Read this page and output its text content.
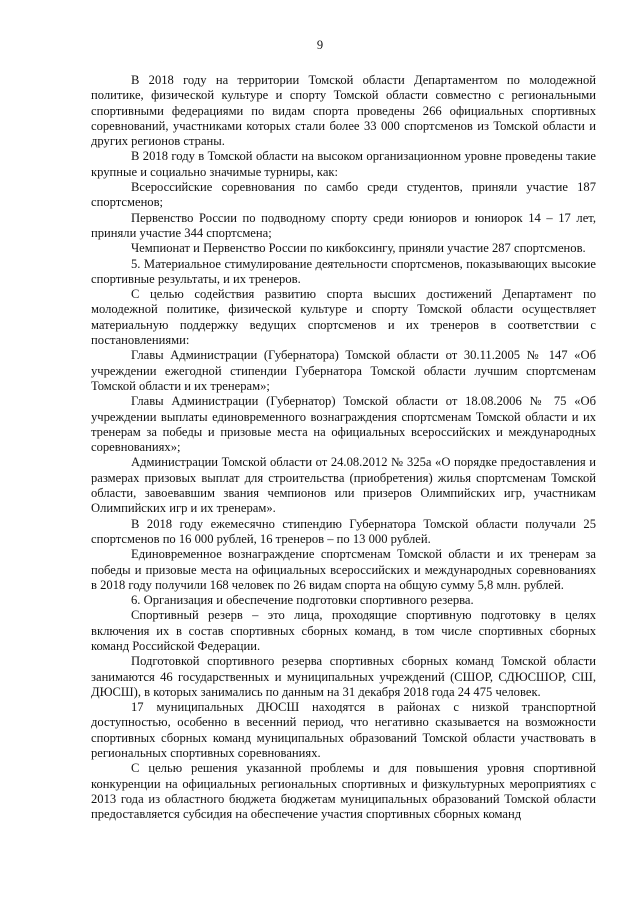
9

В 2018 году на территории Томской области Департаментом по молодежной политике, физической культуре и спорту Томской области совместно с региональными спортивными федерациями по видам спорта проведены 266 официальных спортивных соревнований, участниками которых стали более 33 000 спортсменов из Томской области и других регионов страны.

В 2018 году в Томской области на высоком организационном уровне проведены такие крупные и социально значимые турниры, как:

Всероссийские соревнования по самбо среди студентов, приняли участие 187 спортсменов;

Первенство России по подводному спорту среди юниоров и юниорок 14 – 17 лет, приняли участие 344 спортсмена;

Чемпионат и Первенство России по кикбоксингу, приняли участие 287 спортсменов.

5. Материальное стимулирование деятельности спортсменов, показывающих высокие спортивные результаты, и их тренеров.

С целью содействия развитию спорта высших достижений Департамент по молодежной политике, физической культуре и спорту Томской области осуществляет материальную поддержку ведущих спортсменов и их тренеров в соответствии с постановлениями:

Главы Администрации (Губернатора) Томской области от 30.11.2005 № 147 «Об учреждении ежегодной стипендии Губернатора Томской области лучшим спортсменам Томской области и их тренерам»;

Главы Администрации (Губернатор) Томской области от 18.08.2006 № 75 «Об учреждении выплаты единовременного вознаграждения спортсменам Томской области и их тренерам за победы и призовые места на официальных всероссийских и международных соревнованиях»;

Администрации Томской области от 24.08.2012 № 325а «О порядке предоставления и размерах призовых выплат для строительства (приобретения) жилья спортсменам Томской области, завоевавшим звания чемпионов или призеров Олимпийских игр, участникам Олимпийских игр и их тренерам».

В 2018 году ежемесячно стипендию Губернатора Томской области получали 25 спортсменов по 16 000 рублей, 16 тренеров – по 13 000 рублей.

Единовременное вознаграждение спортсменам Томской области и их тренерам за победы и призовые места на официальных всероссийских и международных соревнованиях в 2018 году получили 168 человек по 26 видам спорта на общую сумму 5,8 млн. рублей.

6. Организация и обеспечение подготовки спортивного резерва.

Спортивный резерв – это лица, проходящие спортивную подготовку в целях включения их в состав спортивных сборных команд, в том числе спортивных сборных команд Российской Федерации.

Подготовкой спортивного резерва спортивных сборных команд Томской области занимаются 46 государственных и муниципальных учреждений (СШОР, СДЮСШОР, СШ, ДЮСШ), в которых занимались по данным на 31 декабря 2018 года 24 475 человек.

17 муниципальных ДЮСШ находятся в районах с низкой транспортной доступностью, особенно в весенний период, что негативно сказывается на возможности спортивных сборных команд муниципальных образований Томской области участвовать в региональных спортивных соревнованиях.

С целью решения указанной проблемы и для повышения уровня спортивной конкуренции на официальных региональных спортивных и физкультурных мероприятиях с 2013 года из областного бюджета бюджетам муниципальных образований Томской области предоставляется субсидия на обеспечение участия спортивных сборных команд
